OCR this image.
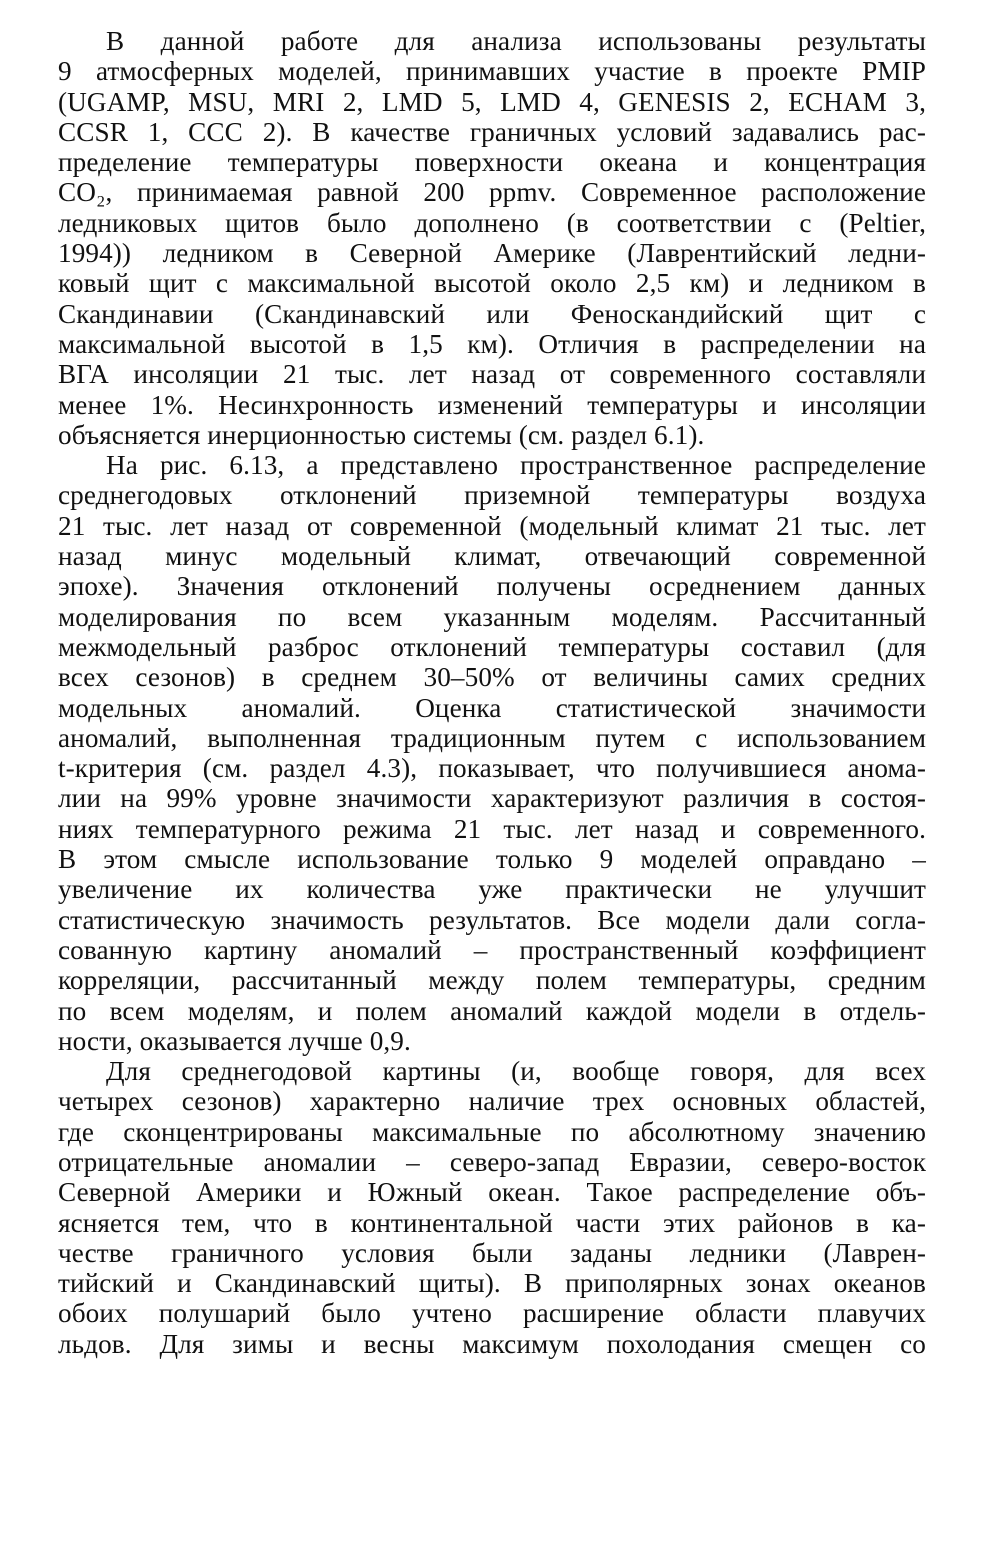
В данной работе для анализа использованы результаты
9 атмосферных моделей, принимавших участие в проекте PMIP
(UGAMP, MSU, MRI 2, LMD 5, LMD 4, GENESIS 2, ECHAM 3,
CCSR 1, CCC 2). В качестве граничных условий задавались рас-
пределение температуры поверхности океана и концентрация
CO₂, принимаемая равной 200 ppmv. Современное расположение
ледниковых щитов было дополнено (в соответствии с (Peltier,
1994)) ледником в Северной Америке (Лаврентийский ледни-
ковый щит с максимальной высотой около 2,5 км) и ледником в
Скандинавии (Скандинавский или Феноскандийский щит с
максимальной высотой в 1,5 км). Отличия в распределении на
ВГА инсоляции 21 тыс. лет назад от современного составляли
менее 1%. Несинхронность изменений температуры и инсоляции
объясняется инерционностью системы (см. раздел 6.1).
На рис. 6.13, а представлено пространственное распределение
среднегодовых отклонений приземной температуры воздуха
21 тыс. лет назад от современной (модельный климат 21 тыс. лет
назад минус модельный климат, отвечающий современной
эпохе). Значения отклонений получены осреднением данных
моделирования по всем указанным моделям. Рассчитанный
межмодельный разброс отклонений температуры составил (для
всех сезонов) в среднем 30–50% от величины самих средних
модельных аномалий. Оценка статистической значимости
аномалий, выполненная традиционным путем с использованием
t-критерия (см. раздел 4.3), показывает, что получившиеся анома-
лии на 99% уровне значимости характеризуют различия в состоя-
ниях температурного режима 21 тыс. лет назад и современного.
В этом смысле использование только 9 моделей оправдано –
увеличение их количества уже практически не улучшит
статистическую значимость результатов. Все модели дали согла-
сованную картину аномалий – пространственный коэффициент
корреляции, рассчитанный между полем температуры, средним
по всем моделям, и полем аномалий каждой модели в отдель-
ности, оказывается лучше 0,9.
Для среднегодовой картины (и, вообще говоря, для всех
четырех сезонов) характерно наличие трех основных областей,
где сконцентрированы максимальные по абсолютному значению
отрицательные аномалии – северо-запад Евразии, северо-восток
Северной Америки и Южный океан. Такое распределение объ-
ясняется тем, что в континентальной части этих районов в ка-
честве граничного условия были заданы ледники (Лаврен-
тийский и Скандинавский щиты). В приполярных зонах океанов
обоих полушарий было учтено расширение области плавучих
льдов. Для зимы и весны максимум похолодания смещен со
